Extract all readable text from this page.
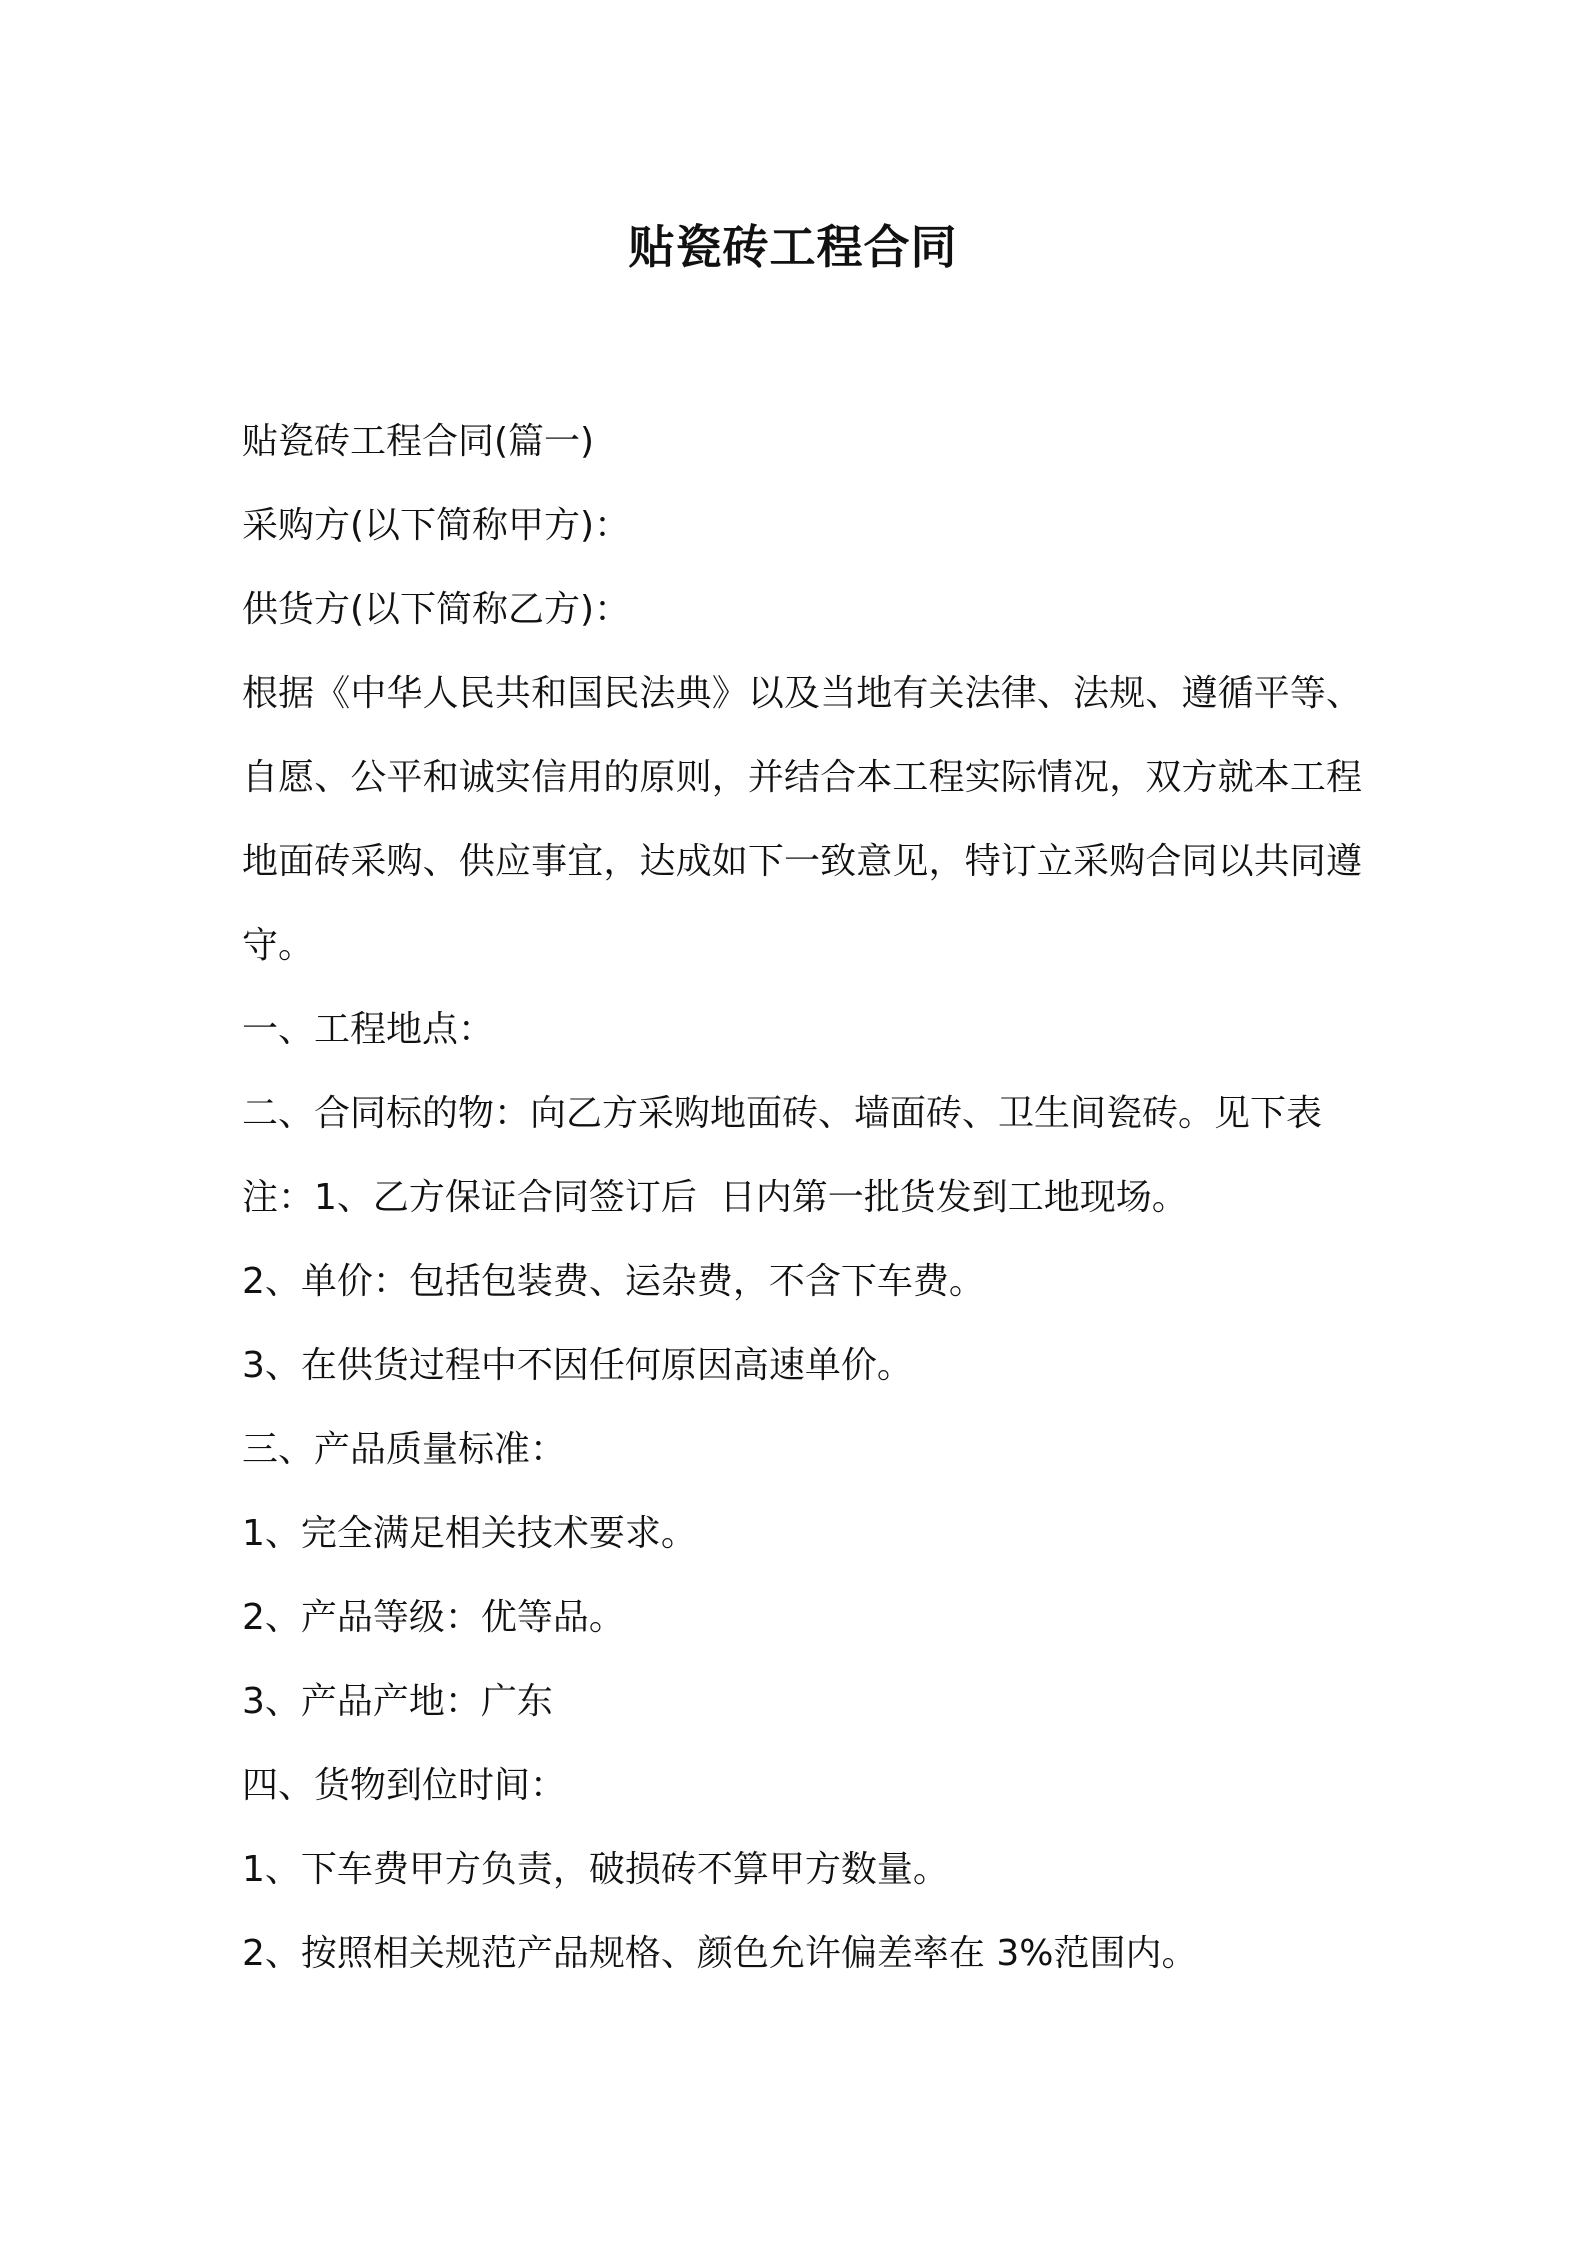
贴瓷砖工程合同

贴瓷砖工程合同(篇一)

采购方(以下简称甲方)：

供货方(以下简称乙方)：

根据《中华人民共和国民法典》以及当地有关法律、法规、遵循平等、自愿、公平和诚实信用的原则，并结合本工程实际情况，双方就本工程地面砖采购、供应事宜，达成如下一致意见，特订立采购合同以共同遵守。

一、工程地点：

二、合同标的物：向乙方采购地面砖、墙面砖、卫生间瓷砖。见下表

注：1、乙方保证合同签订后  日内第一批货发到工地现场。

2、单价：包括包装费、运杂费，不含下车费。

3、在供货过程中不因任何原因高速单价。

三、产品质量标准：

1、完全满足相关技术要求。

2、产品等级：优等品。

3、产品产地：广东

四、货物到位时间：

1、下车费甲方负责，破损砖不算甲方数量。

2、按照相关规范产品规格、颜色允许偏差率在 3%范围内。
